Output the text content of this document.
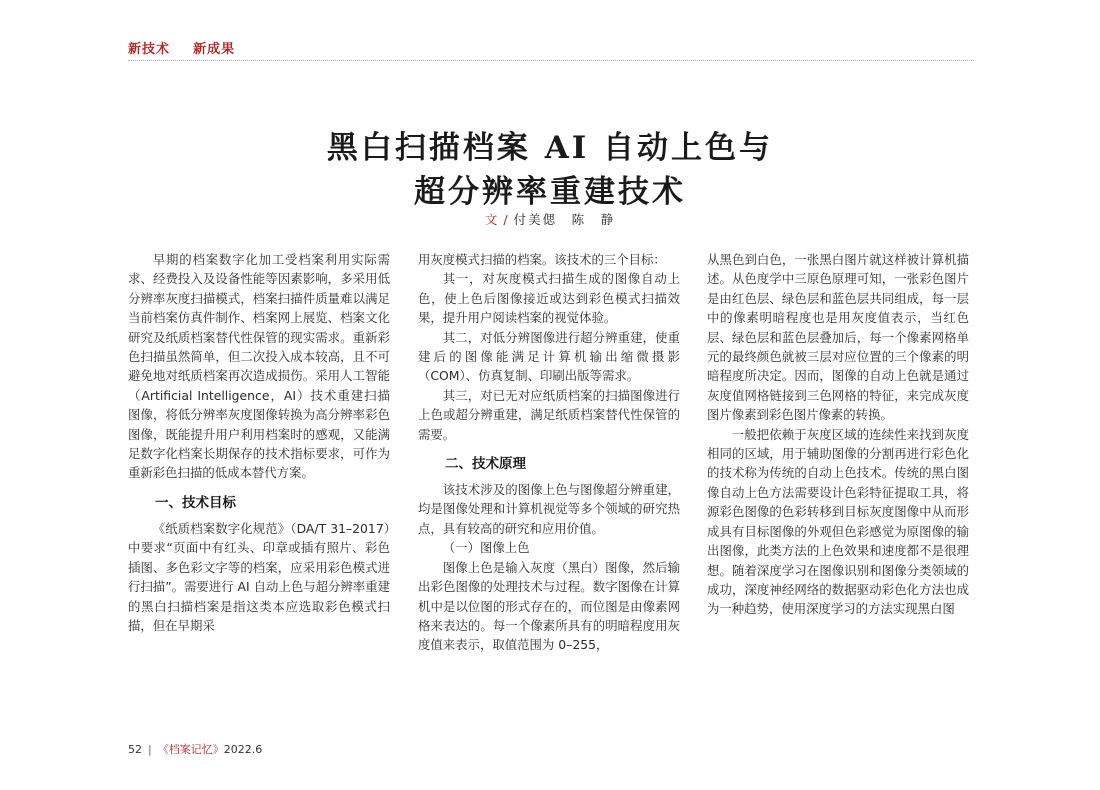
新技术 新成果
黑白扫描档案 AI 自动上色与
超分辨率重建技术
文 / 付美偲　陈　静

早期的档案数字化加工受档案利用实际需求、经费投入及设备性能等因素影响，多采用低分辨率灰度扫描模式，档案扫描件质量难以满足当前档案仿真件制作、档案网上展览、档案文化研究及纸质档案替代性保管的现实需求。重新彩色扫描虽然简单，但二次投入成本较高，且不可避免地对纸质档案再次造成损伤。采用人工智能（Artificial Intelligence，AI）技术重建扫描图像，将低分辨率灰度图像转换为高分辨率彩色图像，既能提升用户利用档案时的感观，又能满足数字化档案长期保存的技术指标要求，可作为重新彩色扫描的低成本替代方案。

一、技术目标

《纸质档案数字化规范》（DA/T 31–2017）中要求“页面中有红头、印章或插有照片、彩色插图、多色彩文字等的档案，应采用彩色模式进行扫描”。需要进行 AI 自动上色与超分辨率重建的黑白扫描档案是指这类本应选取彩色模式扫描，但在早期采

用灰度模式扫描的档案。该技术的三个目标：

其一，对灰度模式扫描生成的图像自动上色，使上色后图像接近或达到彩色模式扫描效果，提升用户阅读档案的视觉体验。

其二，对低分辨图像进行超分辨重建，使重建后的图像能满足计算机输出缩微摄影（COM）、仿真复制、印刷出版等需求。

其三，对已无对应纸质档案的扫描图像进行上色或超分辨重建，满足纸质档案替代性保管的需要。

二、技术原理

该技术涉及的图像上色与图像超分辨重建，均是图像处理和计算机视觉等多个领域的研究热点，具有较高的研究和应用价值。

（一）图像上色

图像上色是输入灰度（黑白）图像，然后输出彩色图像的处理技术与过程。数字图像在计算机中是以位图的形式存在的，而位图是由像素网格来表达的。每一个像素所具有的明暗程度用灰度值来表示，取值范围为 0–255，

从黑色到白色，一张黑白图片就这样被计算机描述。从色度学中三原色原理可知，一张彩色图片是由红色层、绿色层和蓝色层共同组成，每一层中的像素明暗程度也是用灰度值表示，当红色层、绿色层和蓝色层叠加后，每一个像素网格单元的最终颜色就被三层对应位置的三个像素的明暗程度所决定。因而，图像的自动上色就是通过灰度值网格链接到三色网格的特征，来完成灰度图片像素到彩色图片像素的转换。

一般把依赖于灰度区域的连续性来找到灰度相同的区域，用于辅助图像的分割再进行彩色化的技术称为传统的自动上色技术。传统的黑白图像自动上色方法需要设计色彩特征提取工具，将源彩色图像的色彩转移到目标灰度图像中从而形成具有目标图像的外观但色彩感觉为原图像的输出图像，此类方法的上色效果和速度都不是很理想。随着深度学习在图像识别和图像分类领域的成功，深度神经网络的数据驱动彩色化方法也成为一种趋势，使用深度学习的方法实现黑白图

52 | 《档案记忆》2022.6
